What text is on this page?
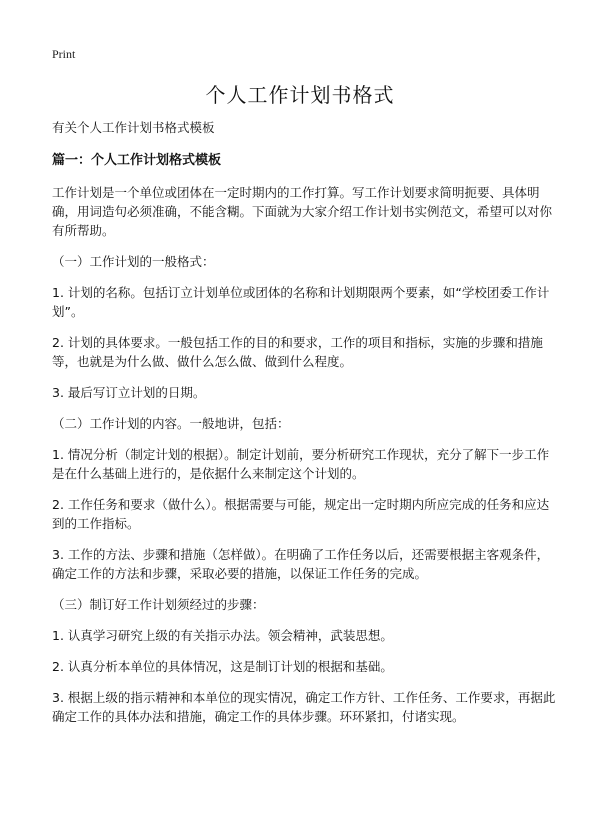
Print
个人工作计划书格式

有关个人工作计划书格式模板

篇一：个人工作计划格式模板

工作计划是一个单位或团体在一定时期内的工作打算。写工作计划要求简明扼要、具体明确，用词造句必须准确，不能含糊。下面就为大家介绍工作计划书实例范文，希望可以对你有所帮助。

（一）工作计划的一般格式：

1. 计划的名称。包括订立计划单位或团体的名称和计划期限两个要素，如“学校团委工作计划”。

2. 计划的具体要求。一般包括工作的目的和要求，工作的项目和指标，实施的步骤和措施等，也就是为什么做、做什么怎么做、做到什么程度。

3. 最后写订立计划的日期。

（二）工作计划的内容。一般地讲，包括：

1. 情况分析（制定计划的根据）。制定计划前，要分析研究工作现状，充分了解下一步工作是在什么基础上进行的，是依据什么来制定这个计划的。

2. 工作任务和要求（做什么）。根据需要与可能，规定出一定时期内所应完成的任务和应达到的工作指标。

3. 工作的方法、步骤和措施（怎样做）。在明确了工作任务以后，还需要根据主客观条件，确定工作的方法和步骤，采取必要的措施，以保证工作任务的完成。

（三）制订好工作计划须经过的步骤：

1. 认真学习研究上级的有关指示办法。领会精神，武装思想。

2. 认真分析本单位的具体情况，这是制订计划的根据和基础。

3. 根据上级的指示精神和本单位的现实情况，确定工作方针、工作任务、工作要求，再据此确定工作的具体办法和措施，确定工作的具体步骤。环环紧扣，付诸实现。
